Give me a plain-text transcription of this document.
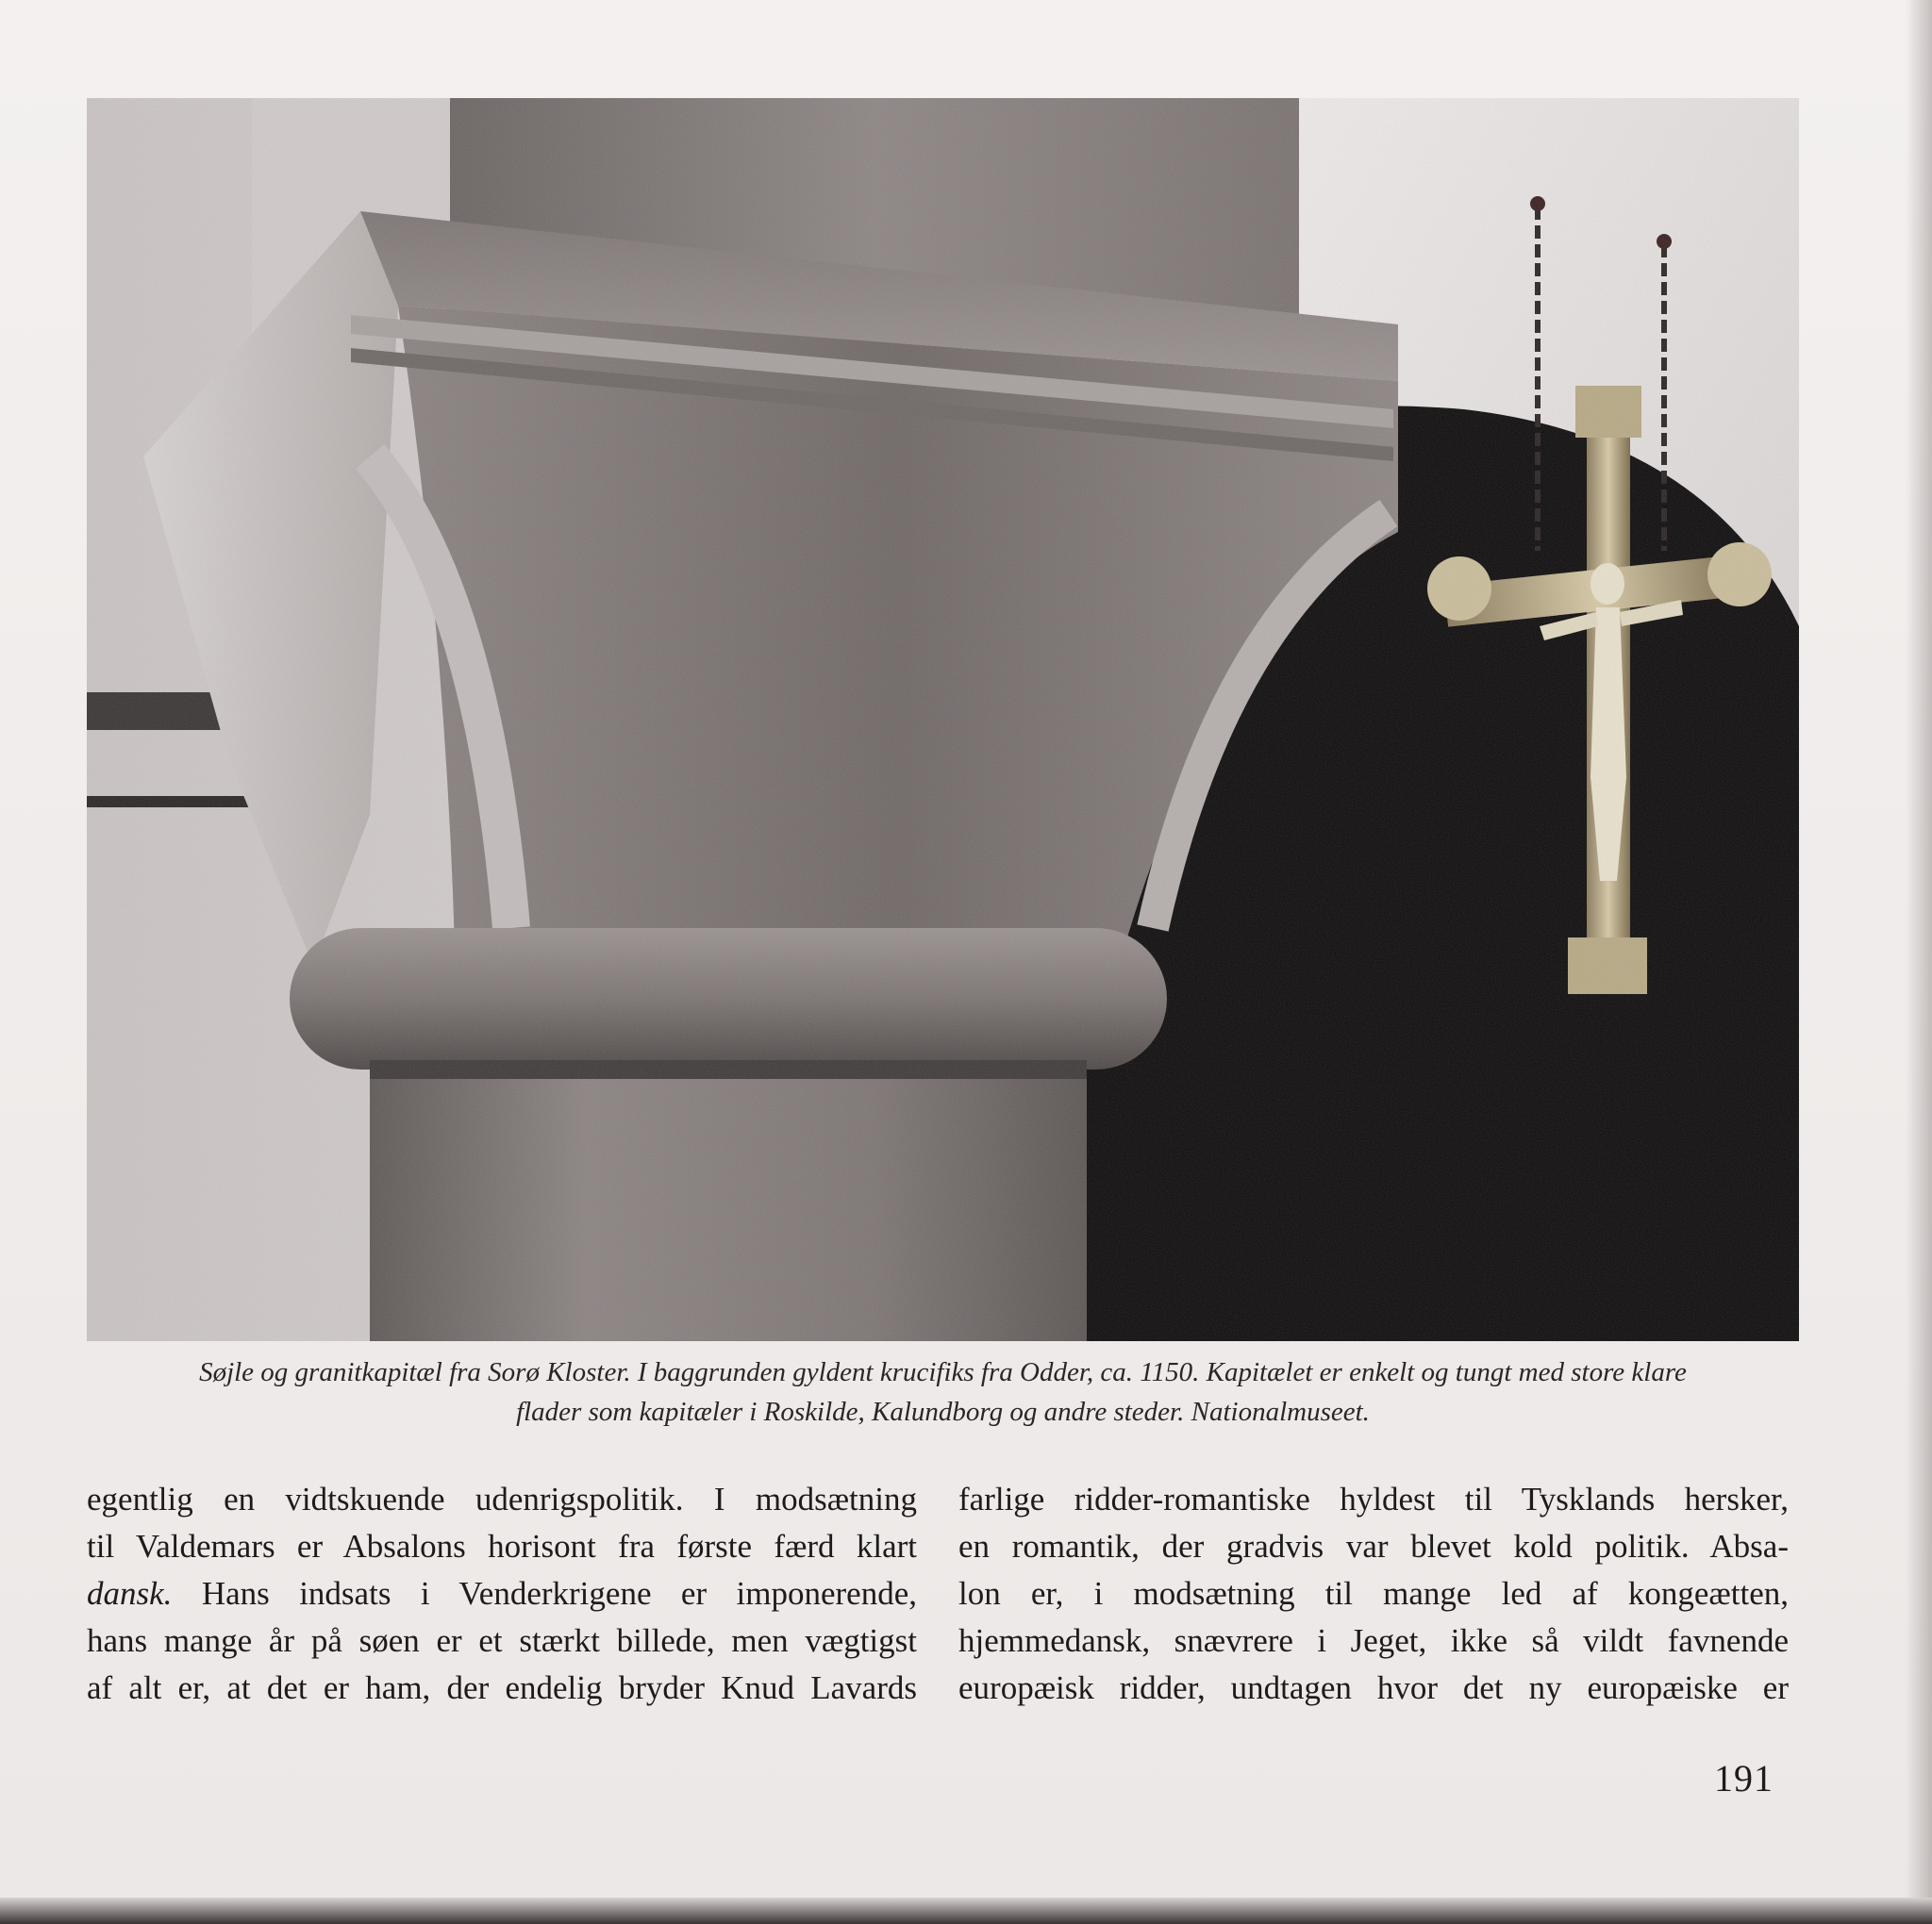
Søjle og granitkapitæl fra Sorø Kloster. I baggrunden gyldent krucifiks fra Odder, ca. 1150. Kapitælet er enkelt og tungt med store klare
flader som kapitæler i Roskilde, Kalundborg og andre steder. Nationalmuseet.
egentlig en vidtskuende udenrigspolitik. I modsætning
til Valdemars er Absalons horisont fra første færd klart
dansk. Hans indsats i Venderkrigene er imponerende,
hans mange år på søen er et stærkt billede, men vægtigst
af alt er, at det er ham, der endelig bryder Knud Lavards
farlige ridder-romantiske hyldest til Tysklands hersker,
en romantik, der gradvis var blevet kold politik. Absa-
lon er, i modsætning til mange led af kongeætten,
hjemmedansk, snævrere i Jeget, ikke så vildt favnende
europæisk ridder, undtagen hvor det ny europæiske er
191
